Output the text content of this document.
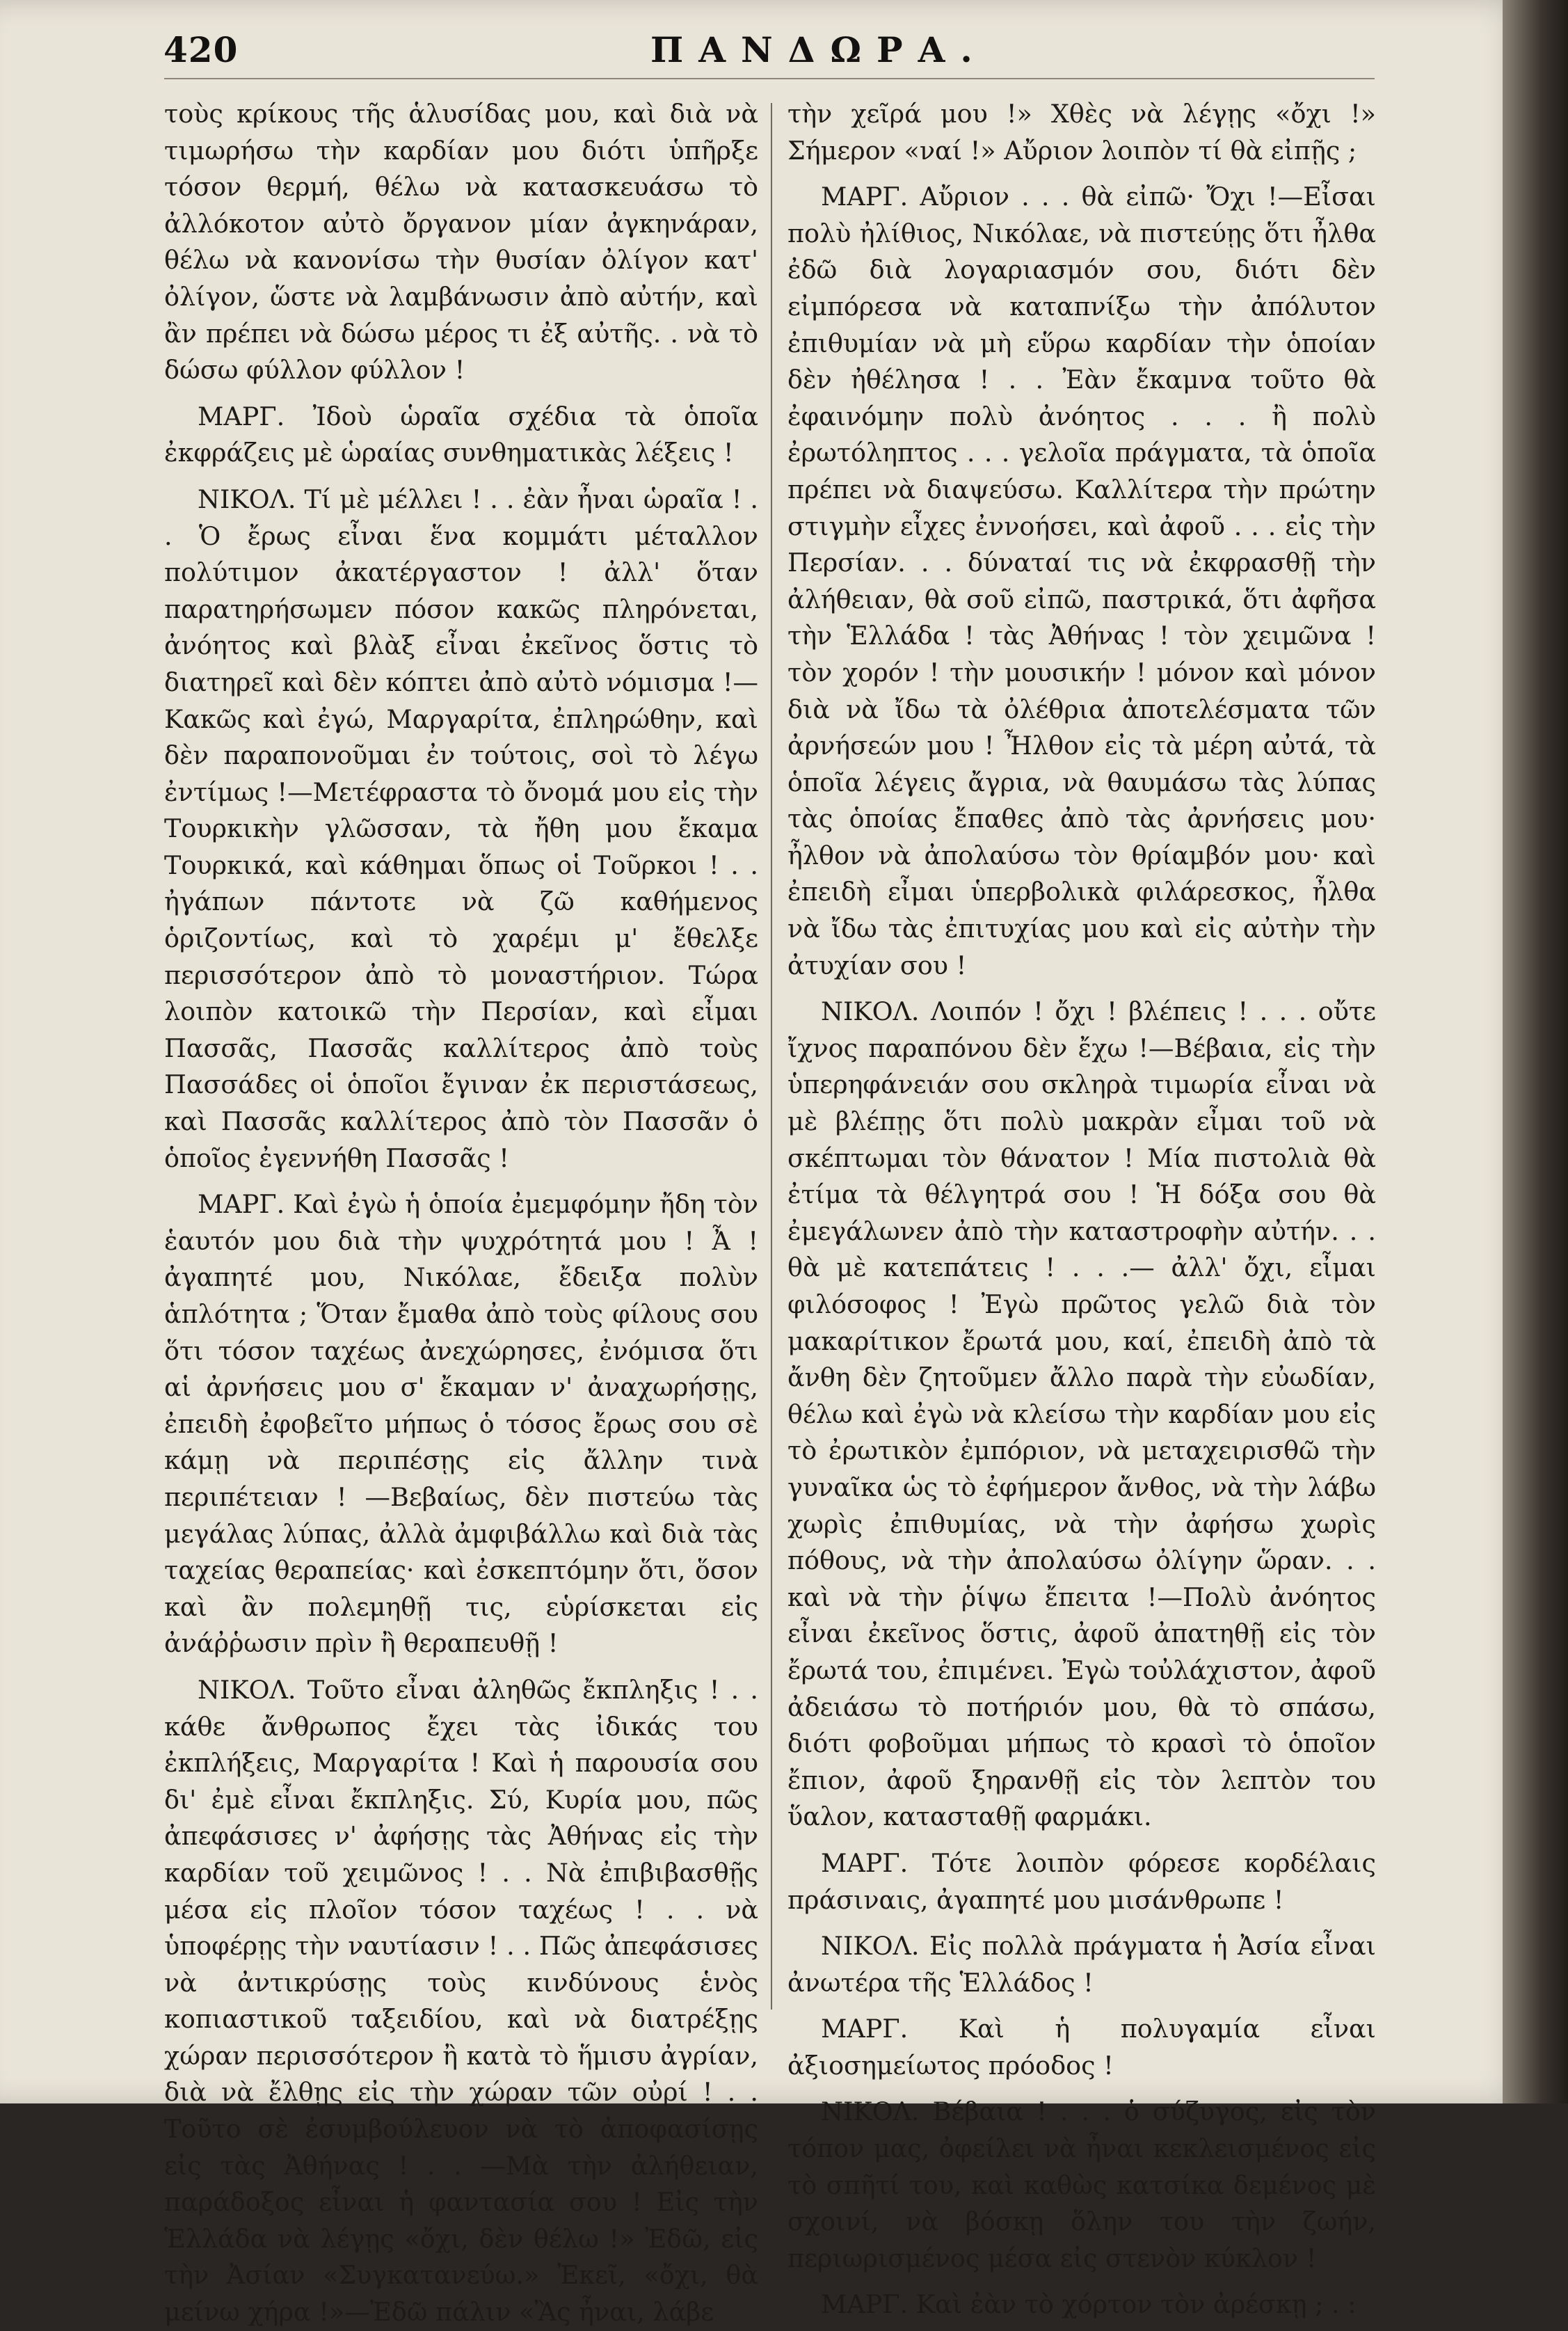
420	ΠΑΝΔΩΡΑ.

τοὺς κρίκους τῆς ἁλυσίδας μου, καὶ διὰ νὰ τιμωρήσω τὴν καρδίαν μου διότι ὑπῆρξε τόσον θερμή, θέλω νὰ κατασκευάσω τὸ ἀλλόκοτον αὐτὸ ὄργανον μίαν ἀγκηνάραν, θέλω νὰ κανονίσω τὴν θυσίαν ὀλίγον κατ' ὀλίγον, ὥστε νὰ λαμβάνωσιν ἀπὸ αὐτήν, καὶ ἂν πρέπει νὰ δώσω μέρος τι ἐξ αὐτῆς. . νὰ τὸ δώσω φύλλον φύλλον !

ΜΑΡΓ. Ἰδοὺ ὡραῖα σχέδια τὰ ὁποῖα ἐκφράζεις μὲ ὡραίας συνθηματικὰς λέξεις !

ΝΙΚΟΛ. Τί μὲ μέλλει ! . . ἐὰν ἦναι ὡραῖα ! . . Ὁ ἔρως εἶναι ἕνα κομμάτι μέταλλον πολύτιμον ἀκατέργαστον ! ἀλλ' ὅταν παρατηρήσωμεν πόσον κακῶς πληρόνεται, ἀνόητος καὶ βλὰξ εἶναι ἐκεῖνος ὅστις τὸ διατηρεῖ καὶ δὲν κόπτει ἀπὸ αὐτὸ νόμισμα !—Κακῶς καὶ ἐγώ, Μαργαρίτα, ἐπληρώθην, καὶ δὲν παραπονοῦμαι ἐν τούτοις, σοὶ τὸ λέγω ἐντίμως !—Μετέφραστα τὸ ὄνομά μου εἰς τὴν Τουρκικὴν γλῶσσαν, τὰ ἤθη μου ἔκαμα Τουρκικά, καὶ κάθημαι ὅπως οἱ Τοῦρκοι ! . . ἠγάπων πάντοτε νὰ ζῶ καθήμενος ὁριζοντίως, καὶ τὸ χαρέμι μ' ἔθελξε περισσότερον ἀπὸ τὸ μοναστήριον. Τώρα λοιπὸν κατοικῶ τὴν Περσίαν, καὶ εἶμαι Πασσᾶς, Πασσᾶς καλλίτερος ἀπὸ τοὺς Πασσάδες οἱ ὁποῖοι ἔγιναν ἐκ περιστάσεως, καὶ Πασσᾶς καλλίτερος ἀπὸ τὸν Πασσᾶν ὁ ὁποῖος ἐγεννήθη Πασσᾶς !

ΜΑΡΓ. Καὶ ἐγὼ ἡ ὁποία ἐμεμφόμην ἤδη τὸν ἑαυτόν μου διὰ τὴν ψυχρότητά μου ! Ἆ ! ἀγαπητέ μου, Νικόλαε, ἔδειξα πολὺν ἁπλότητα ; Ὅταν ἔμαθα ἀπὸ τοὺς φίλους σου ὅτι τόσον ταχέως ἀνεχώρησες, ἐνόμισα ὅτι αἱ ἀρνήσεις μου σ' ἔκαμαν ν' ἀναχωρήσῃς, ἐπειδὴ ἐφοβεῖτο μήπως ὁ τόσος ἔρως σου σὲ κάμῃ νὰ περιπέσῃς εἰς ἄλλην τινὰ περιπέτειαν ! —Βεβαίως, δὲν πιστεύω τὰς μεγάλας λύπας, ἀλλὰ ἀμφιβάλλω καὶ διὰ τὰς ταχείας θεραπείας· καὶ ἐσκεπτόμην ὅτι, ὅσον καὶ ἂν πολεμηθῇ τις, εὑρίσκεται εἰς ἀνάῤῥωσιν πρὶν ἢ θεραπευθῇ !

ΝΙΚΟΛ. Τοῦτο εἶναι ἀληθῶς ἔκπληξις ! . . κάθε ἄνθρωπος ἔχει τὰς ἰδικάς του ἐκπλήξεις, Μαργαρίτα ! Καὶ ἡ παρουσία σου δι' ἐμὲ εἶναι ἔκπληξις. Σύ, Κυρία μου, πῶς ἀπεφάσισες ν' ἀφήσῃς τὰς Ἀθήνας εἰς τὴν καρδίαν τοῦ χειμῶνος ! . . Νὰ ἐπιβιβασθῇς μέσα εἰς πλοῖον τόσον ταχέως ! . . νὰ ὑποφέρῃς τὴν ναυτίασιν ! . . Πῶς ἀπεφάσισες νὰ ἀντικρύσῃς τοὺς κινδύνους ἑνὸς κοπιαστικοῦ ταξειδίου, καὶ νὰ διατρέξῃς χώραν περισσότερον ἢ κατὰ τὸ ἥμισυ ἀγρίαν, διὰ νὰ ἔλθῃς εἰς τὴν χώραν τῶν οὐρί ! . . Τοῦτο σὲ ἐσυμβούλευον νὰ τὸ ἀποφασίσῃς εἰς τὰς Ἀθήνας ! . . —Μὰ τὴν ἀλήθειαν, παράδοξος εἶναι ἡ φαντασία σου ! Εἰς τὴν Ἑλλάδα νὰ λέγῃς «ὄχι, δὲν θέλω !» Ἐδῶ, εἰς τὴν Ἀσίαν «Συγκατανεύω.» Ἐκεῖ, «ὄχι, θὰ μείνω χήρα !»—Ἐδῶ πάλιν «Ἂς ἦναι, λάβε

τὴν χεῖρά μου !» Χθὲς νὰ λέγῃς «ὄχι !» Σήμερον «ναί !» Αὔριον λοιπὸν τί θὰ εἰπῇς ;

ΜΑΡΓ. Αὔριον . . . θὰ εἰπῶ· Ὄχι !—Εἶσαι πολὺ ἠλίθιος, Νικόλαε, νὰ πιστεύῃς ὅτι ἦλθα ἐδῶ διὰ λογαριασμόν σου, διότι δὲν εἰμπόρεσα νὰ καταπνίξω τὴν ἀπόλυτον ἐπιθυμίαν νὰ μὴ εὕρω καρδίαν τὴν ὁποίαν δὲν ἠθέλησα ! . . Ἐὰν ἔκαμνα τοῦτο θὰ ἐφαινόμην πολὺ ἀνόητος . . . ἢ πολὺ ἐρωτόληπτος . . . γελοῖα πράγματα, τὰ ὁποῖα πρέπει νὰ διαψεύσω. Καλλίτερα τὴν πρώτην στιγμὴν εἶχες ἐννοήσει, καὶ ἀφοῦ . . . εἰς τὴν Περσίαν. . . δύναταί τις νὰ ἐκφρασθῇ τὴν ἀλήθειαν, θὰ σοῦ εἰπῶ, παστρικά, ὅτι ἀφῆσα τὴν Ἑλλάδα ! τὰς Ἀθήνας ! τὸν χειμῶνα ! τὸν χορόν ! τὴν μουσικήν ! μόνον καὶ μόνον διὰ νὰ ἴδω τὰ ὀλέθρια ἀποτελέσματα τῶν ἀρνήσεών μου ! Ἦλθον εἰς τὰ μέρη αὐτά, τὰ ὁποῖα λέγεις ἄγρια, νὰ θαυμάσω τὰς λύπας τὰς ὁποίας ἔπαθες ἀπὸ τὰς ἀρνήσεις μου· ἦλθον νὰ ἀπολαύσω τὸν θρίαμβόν μου· καὶ ἐπειδὴ εἶμαι ὑπερβολικὰ φιλάρεσκος, ἦλθα νὰ ἴδω τὰς ἐπιτυχίας μου καὶ εἰς αὐτὴν τὴν ἀτυχίαν σου !

ΝΙΚΟΛ. Λοιπόν ! ὄχι ! βλέπεις ! . . . οὔτε ἴχνος παραπόνου δὲν ἔχω !—Βέβαια, εἰς τὴν ὑπερηφάνειάν σου σκληρὰ τιμωρία εἶναι νὰ μὲ βλέπῃς ὅτι πολὺ μακρὰν εἶμαι τοῦ νὰ σκέπτωμαι τὸν θάνατον ! Μία πιστολιὰ θὰ ἐτίμα τὰ θέλγητρά σου ! Ἡ δόξα σου θὰ ἐμεγάλωνεν ἀπὸ τὴν καταστροφὴν αὐτήν. . . θὰ μὲ κατεπάτεις ! . . .— ἀλλ' ὄχι, εἶμαι φιλόσοφος ! Ἐγὼ πρῶτος γελῶ διὰ τὸν μακαρίτικον ἔρωτά μου, καί, ἐπειδὴ ἀπὸ τὰ ἄνθη δὲν ζητοῦμεν ἄλλο παρὰ τὴν εὐωδίαν, θέλω καὶ ἐγὼ νὰ κλείσω τὴν καρδίαν μου εἰς τὸ ἐρωτικὸν ἐμπόριον, νὰ μεταχειρισθῶ τὴν γυναῖκα ὡς τὸ ἐφήμερον ἄνθος, νὰ τὴν λάβω χωρὶς ἐπιθυμίας, νὰ τὴν ἀφήσω χωρὶς πόθους, νὰ τὴν ἀπολαύσω ὀλίγην ὥραν. . . καὶ νὰ τὴν ῥίψω ἔπειτα !—Πολὺ ἀνόητος εἶναι ἐκεῖνος ὅστις, ἀφοῦ ἀπατηθῇ εἰς τὸν ἔρωτά του, ἐπιμένει. Ἐγὼ τοὐλάχιστον, ἀφοῦ ἀδειάσω τὸ ποτήριόν μου, θὰ τὸ σπάσω, διότι φοβοῦμαι μήπως τὸ κρασὶ τὸ ὁποῖον ἔπιον, ἀφοῦ ξηρανθῇ εἰς τὸν λεπτὸν του ὕαλον, κατασταθῇ φαρμάκι.

ΜΑΡΓ. Τότε λοιπὸν φόρεσε κορδέλαις πράσιναις, ἀγαπητέ μου μισάνθρωπε !

ΝΙΚΟΛ. Εἰς πολλὰ πράγματα ἡ Ἀσία εἶναι ἀνωτέρα τῆς Ἑλλάδος !

ΜΑΡΓ. Καὶ ἡ πολυγαμία εἶναι ἀξιοσημείωτος πρόοδος !

ΝΙΚΟΛ. Βέβαια ! . . . ὁ σύζυγος, εἰς τὸν τόπον μας, ὀφείλει νὰ ἦναι κεκλεισμένος εἰς τὸ σπῆτί του, καὶ καθὼς κατσίκα δεμένος μὲ σχοινί, νὰ βόσκῃ ὅλην του τὴν ζωήν, περιωρισμένος μέσα εἰς στενὸν κύκλον !

ΜΑΡΓ. Καὶ ἐὰν τὸ χόρτον τὸν ἀρέσκῃ ; . :
